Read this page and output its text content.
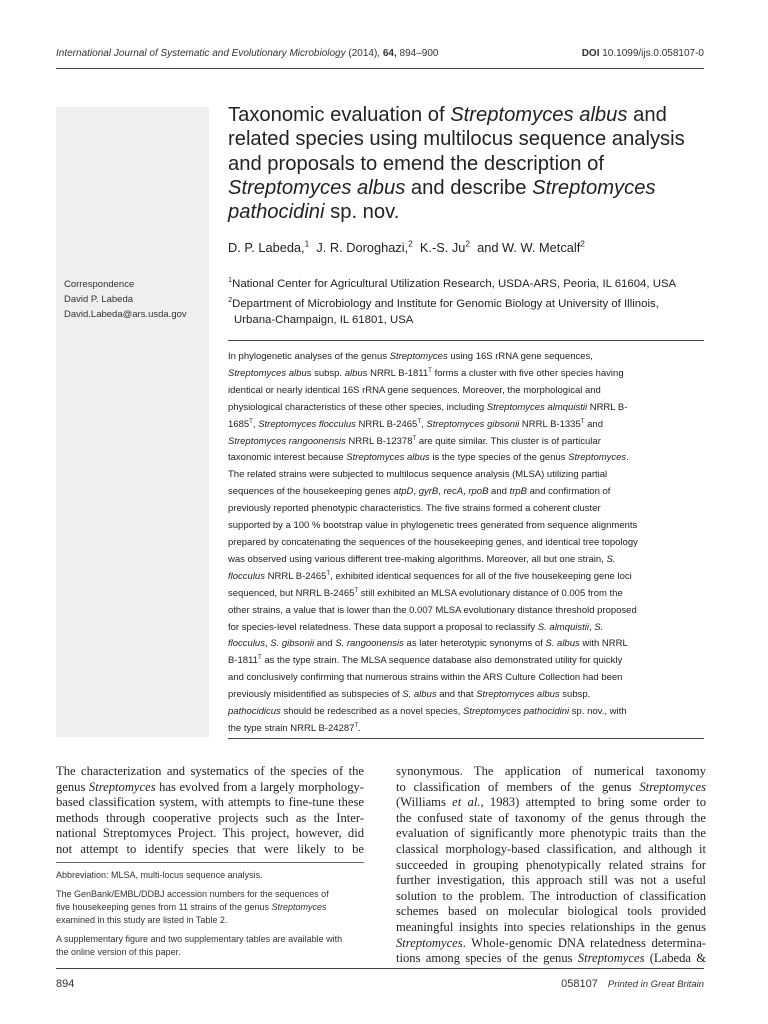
International Journal of Systematic and Evolutionary Microbiology (2014), 64, 894–900	DOI 10.1099/ijs.0.058107-0
Correspondence
David P. Labeda
David.Labeda@ars.usda.gov
Taxonomic evaluation of Streptomyces albus and related species using multilocus sequence analysis and proposals to emend the description of Streptomyces albus and describe Streptomyces pathocidini sp. nov.
D. P. Labeda,$^1$ J. R. Doroghazi,$^2$ K.-S. Ju$^2$ and W. W. Metcalf$^2$
$^1$National Center for Agricultural Utilization Research, USDA-ARS, Peoria, IL 61604, USA
$^2$Department of Microbiology and Institute for Genomic Biology at University of Illinois,
Urbana-Champaign, IL 61801, USA
In phylogenetic analyses of the genus Streptomyces using 16S rRNA gene sequences,
Streptomyces albus subsp. albus NRRL $B-1811^T$ forms a cluster with five other species having
identical or nearly identical 16S rRNA gene sequences. Moreover, the morphological and
physiological characteristics of these other species, including Streptomyces almquistii NRRL B-
$1685^T$, Streptomyces flocculus NRRL $B-2465^T$, Streptomyces gibsonii NRRL $B-1335^T$ and
Streptomyces rangoonensis NRRL $B-12378^T$ are quite similar. This cluster is of particular
taxonomic interest because Streptomyces albus is the type species of the genus Streptomyces.
The related strains were subjected to multilocus sequence analysis (MLSA) utilizing partial
sequences of the housekeeping genes atpD, gyrB, recA, rpoB and trpB and confirmation of
previously reported phenotypic characteristics. The five strains formed a coherent cluster
supported by a 100 % bootstrap value in phylogenetic trees generated from sequence alignments
prepared by concatenating the sequences of the housekeeping genes, and identical tree topology
was observed using various different tree-making algorithms. Moreover, all but one strain, S.
flocculus NRRL $B-2465^T$, exhibited identical sequences for all of the five housekeeping gene loci
sequenced, but NRRL $B-2465^T$ still exhibited an MLSA evolutionary distance of 0.005 from the
other strains, a value that is lower than the 0.007 MLSA evolutionary distance threshold proposed
for species-level relatedness. These data support a proposal to reclassify S. almquistii, S.
flocculus, S. gibsonii and S. rangoonensis as later heterotypic synonyms of S. albus with NRRL
$B-1811^T$ as the type strain. The MLSA sequence database also demonstrated utility for quickly
and conclusively confirming that numerous strains within the ARS Culture Collection had been
previously misidentified as subspecies of S. albus and that Streptomyces albus subsp.
pathocidicus should be redescribed as a novel species, Streptomyces pathocidini sp. nov., with
the type strain NRRL $B-24287^T$.
The characterization and systematics of the species of the
genus Streptomyces has evolved from a largely morphology-
based classification system, with attempts to fine-tune these
methods through cooperative projects such as the Inter-
national Streptomyces Project. This project, however, did
not attempt to identify species that were likely to be

Abbreviation: MLSA, multi-locus sequence analysis.

The GenBank/EMBL/DDBJ accession numbers for the sequences of
five housekeeping genes from 11 strains of the genus Streptomyces
examined in this study are listed in Table 2.

A supplementary figure and two supplementary tables are available with
the online version of this paper.

synonymous. The application of numerical taxonomy
to classification of members of the genus Streptomyces
(Williams et al., 1983) attempted to bring some order to
the confused state of taxonomy of the genus through the
evaluation of significantly more phenotypic traits than the
classical morphology-based classification, and although it
succeeded in grouping phenotypically related strains for
further investigation, this approach still was not a useful
solution to the problem. The introduction of classification
schemes based on molecular biological tools provided
meaningful insights into species relationships in the genus
Streptomyces. Whole-genomic DNA relatedness determina-
tions among species of the genus Streptomyces (Labeda &
894	058107 Printed in Great Britain
